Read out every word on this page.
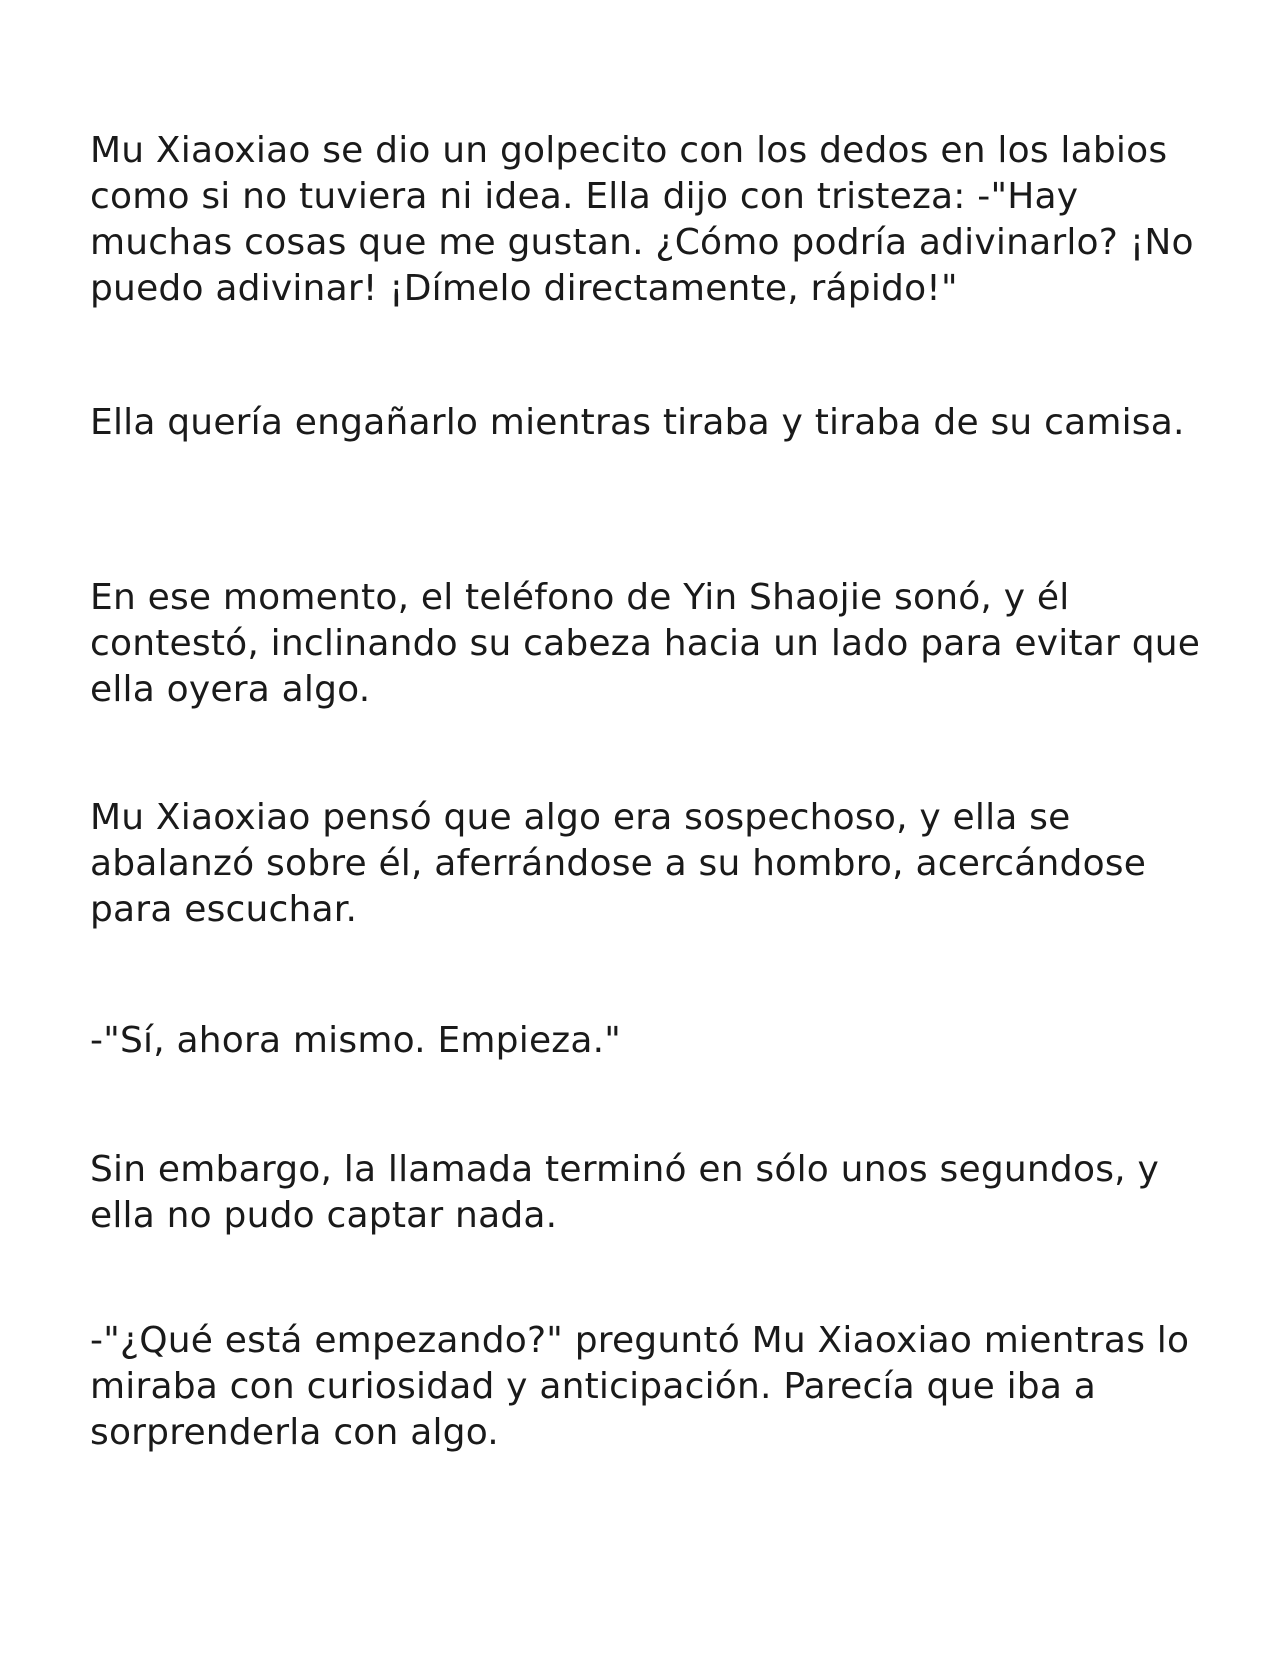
Mu Xiaoxiao se dio un golpecito con los dedos en los labios como si no tuviera ni idea. Ella dijo con tristeza: -"Hay muchas cosas que me gustan. ¿Cómo podría adivinarlo? ¡No puedo adivinar! ¡Dímelo directamente, rápido!"

Ella quería engañarlo mientras tiraba y tiraba de su camisa.

En ese momento, el teléfono de Yin Shaojie sonó, y él contestó, inclinando su cabeza hacia un lado para evitar que ella oyera algo.

Mu Xiaoxiao pensó que algo era sospechoso, y ella se abalanzó sobre él, aferrándose a su hombro, acercándose para escuchar.

-"Sí, ahora mismo. Empieza."

Sin embargo, la llamada terminó en sólo unos segundos, y ella no pudo captar nada.

-"¿Qué está empezando?" preguntó Mu Xiaoxiao mientras lo miraba con curiosidad y anticipación. Parecía que iba a sorprenderla con algo.
